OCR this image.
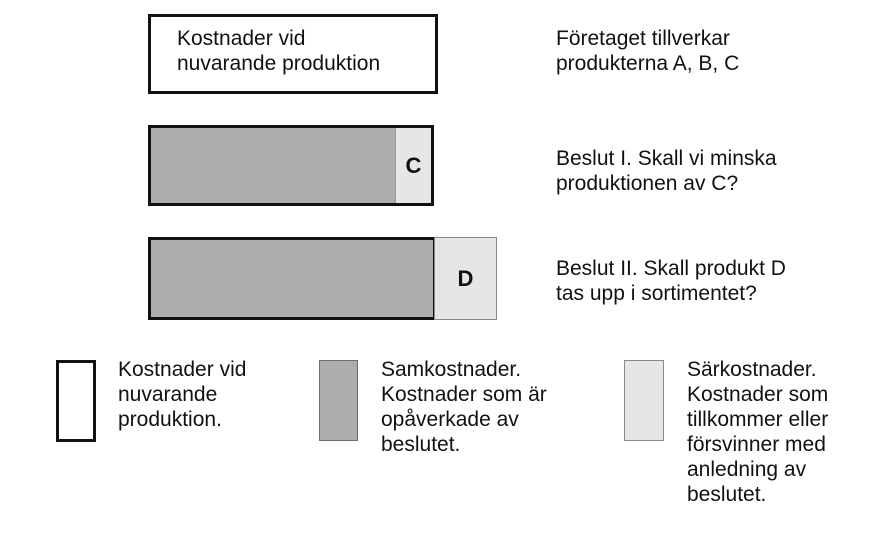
Kostnader vid
nuvarande produktion
Företaget tillverkar
produkterna A, B, C
C	Beslut I. Skall vi minska
produktionen av C?
D	Beslut II. Skall produkt D
tas upp i sortimentet?
Kostnader vid
nuvarande
produktion.
Samkostnader.
Kostnader som är
opåverkade av
beslutet.
Särkostnader.
Kostnader som
tillkommer eller
försvinner med
anledning av
beslutet.
